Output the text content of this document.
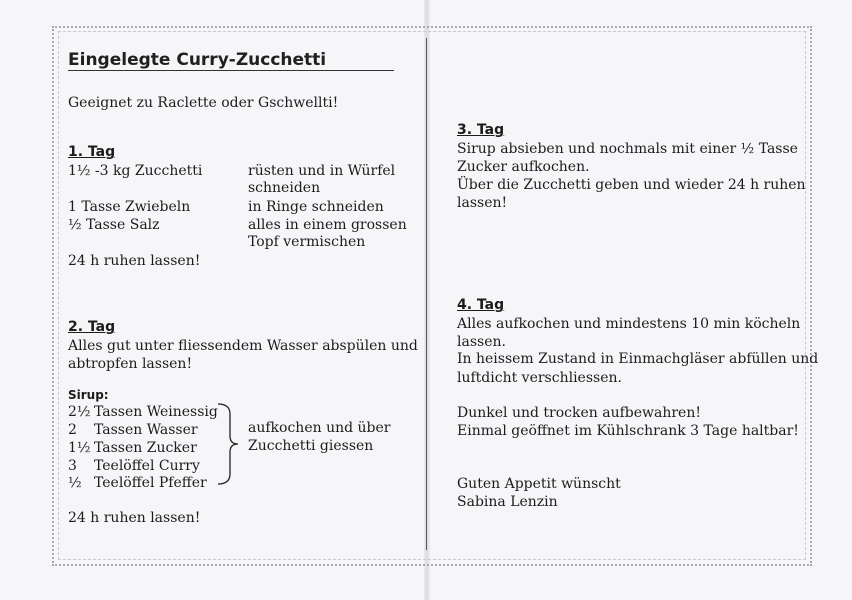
Eingelegte Curry-Zucchetti
Geeignet zu Raclette oder Gschwellti!
1. Tag
1½ -3 kg Zucchetti	rüsten und in Würfel
schneiden
1 Tasse Zwiebeln	in Ringe schneiden
½ Tasse Salz	alles in einem grossen
Topf vermischen
24 h ruhen lassen!
2. Tag
Alles gut unter fliessendem Wasser abspülen und
abtropfen lassen!
Sirup:
2½ Tassen Weinessig
2 Tassen Wasser
1½ Tassen Zucker
3 Teelöffel Curry
½ Teelöffel Pfeffer
aufkochen und über
Zucchetti giessen
24 h ruhen lassen!
3. Tag
Sirup absieben und nochmals mit einer ½ Tasse
Zucker aufkochen.
Über die Zucchetti geben und wieder 24 h ruhen
lassen!
4. Tag
Alles aufkochen und mindestens 10 min köcheln
lassen.
In heissem Zustand in Einmachgläser abfüllen und
luftdicht verschliessen.
Dunkel und trocken aufbewahren!
Einmal geöffnet im Kühlschrank 3 Tage haltbar!
Guten Appetit wünscht
Sabina Lenzin
